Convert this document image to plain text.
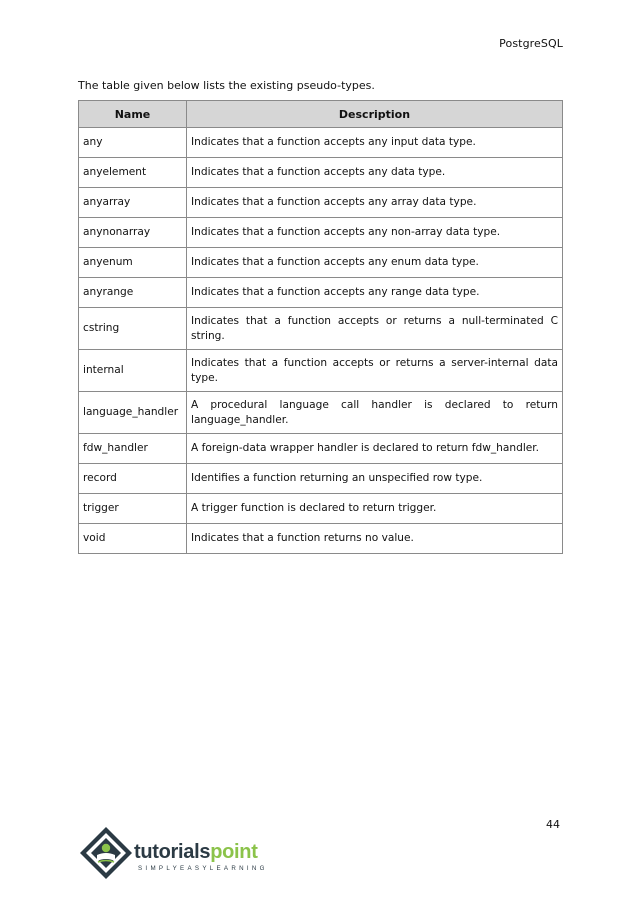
PostgreSQL
The table given below lists the existing pseudo-types.
Name	Description
any	Indicates that a function accepts any input data type.
anyelement	Indicates that a function accepts any data type.
anyarray	Indicates that a function accepts any array data type.
anynonarray	Indicates that a function accepts any non-array data type.
anyenum	Indicates that a function accepts any enum data type.
anyrange	Indicates that a function accepts any range data type.
cstring	Indicates that a function accepts or returns a null-terminated C string.
internal	Indicates that a function accepts or returns a server-internal data type.
language_handler	A procedural language call handler is declared to return language_handler.
fdw_handler	A foreign-data wrapper handler is declared to return fdw_handler.
record	Identifies a function returning an unspecified row type.
trigger	A trigger function is declared to return trigger.
void	Indicates that a function returns no value.
44
tutorialspoint
SIMPLYEASYLEARNING
